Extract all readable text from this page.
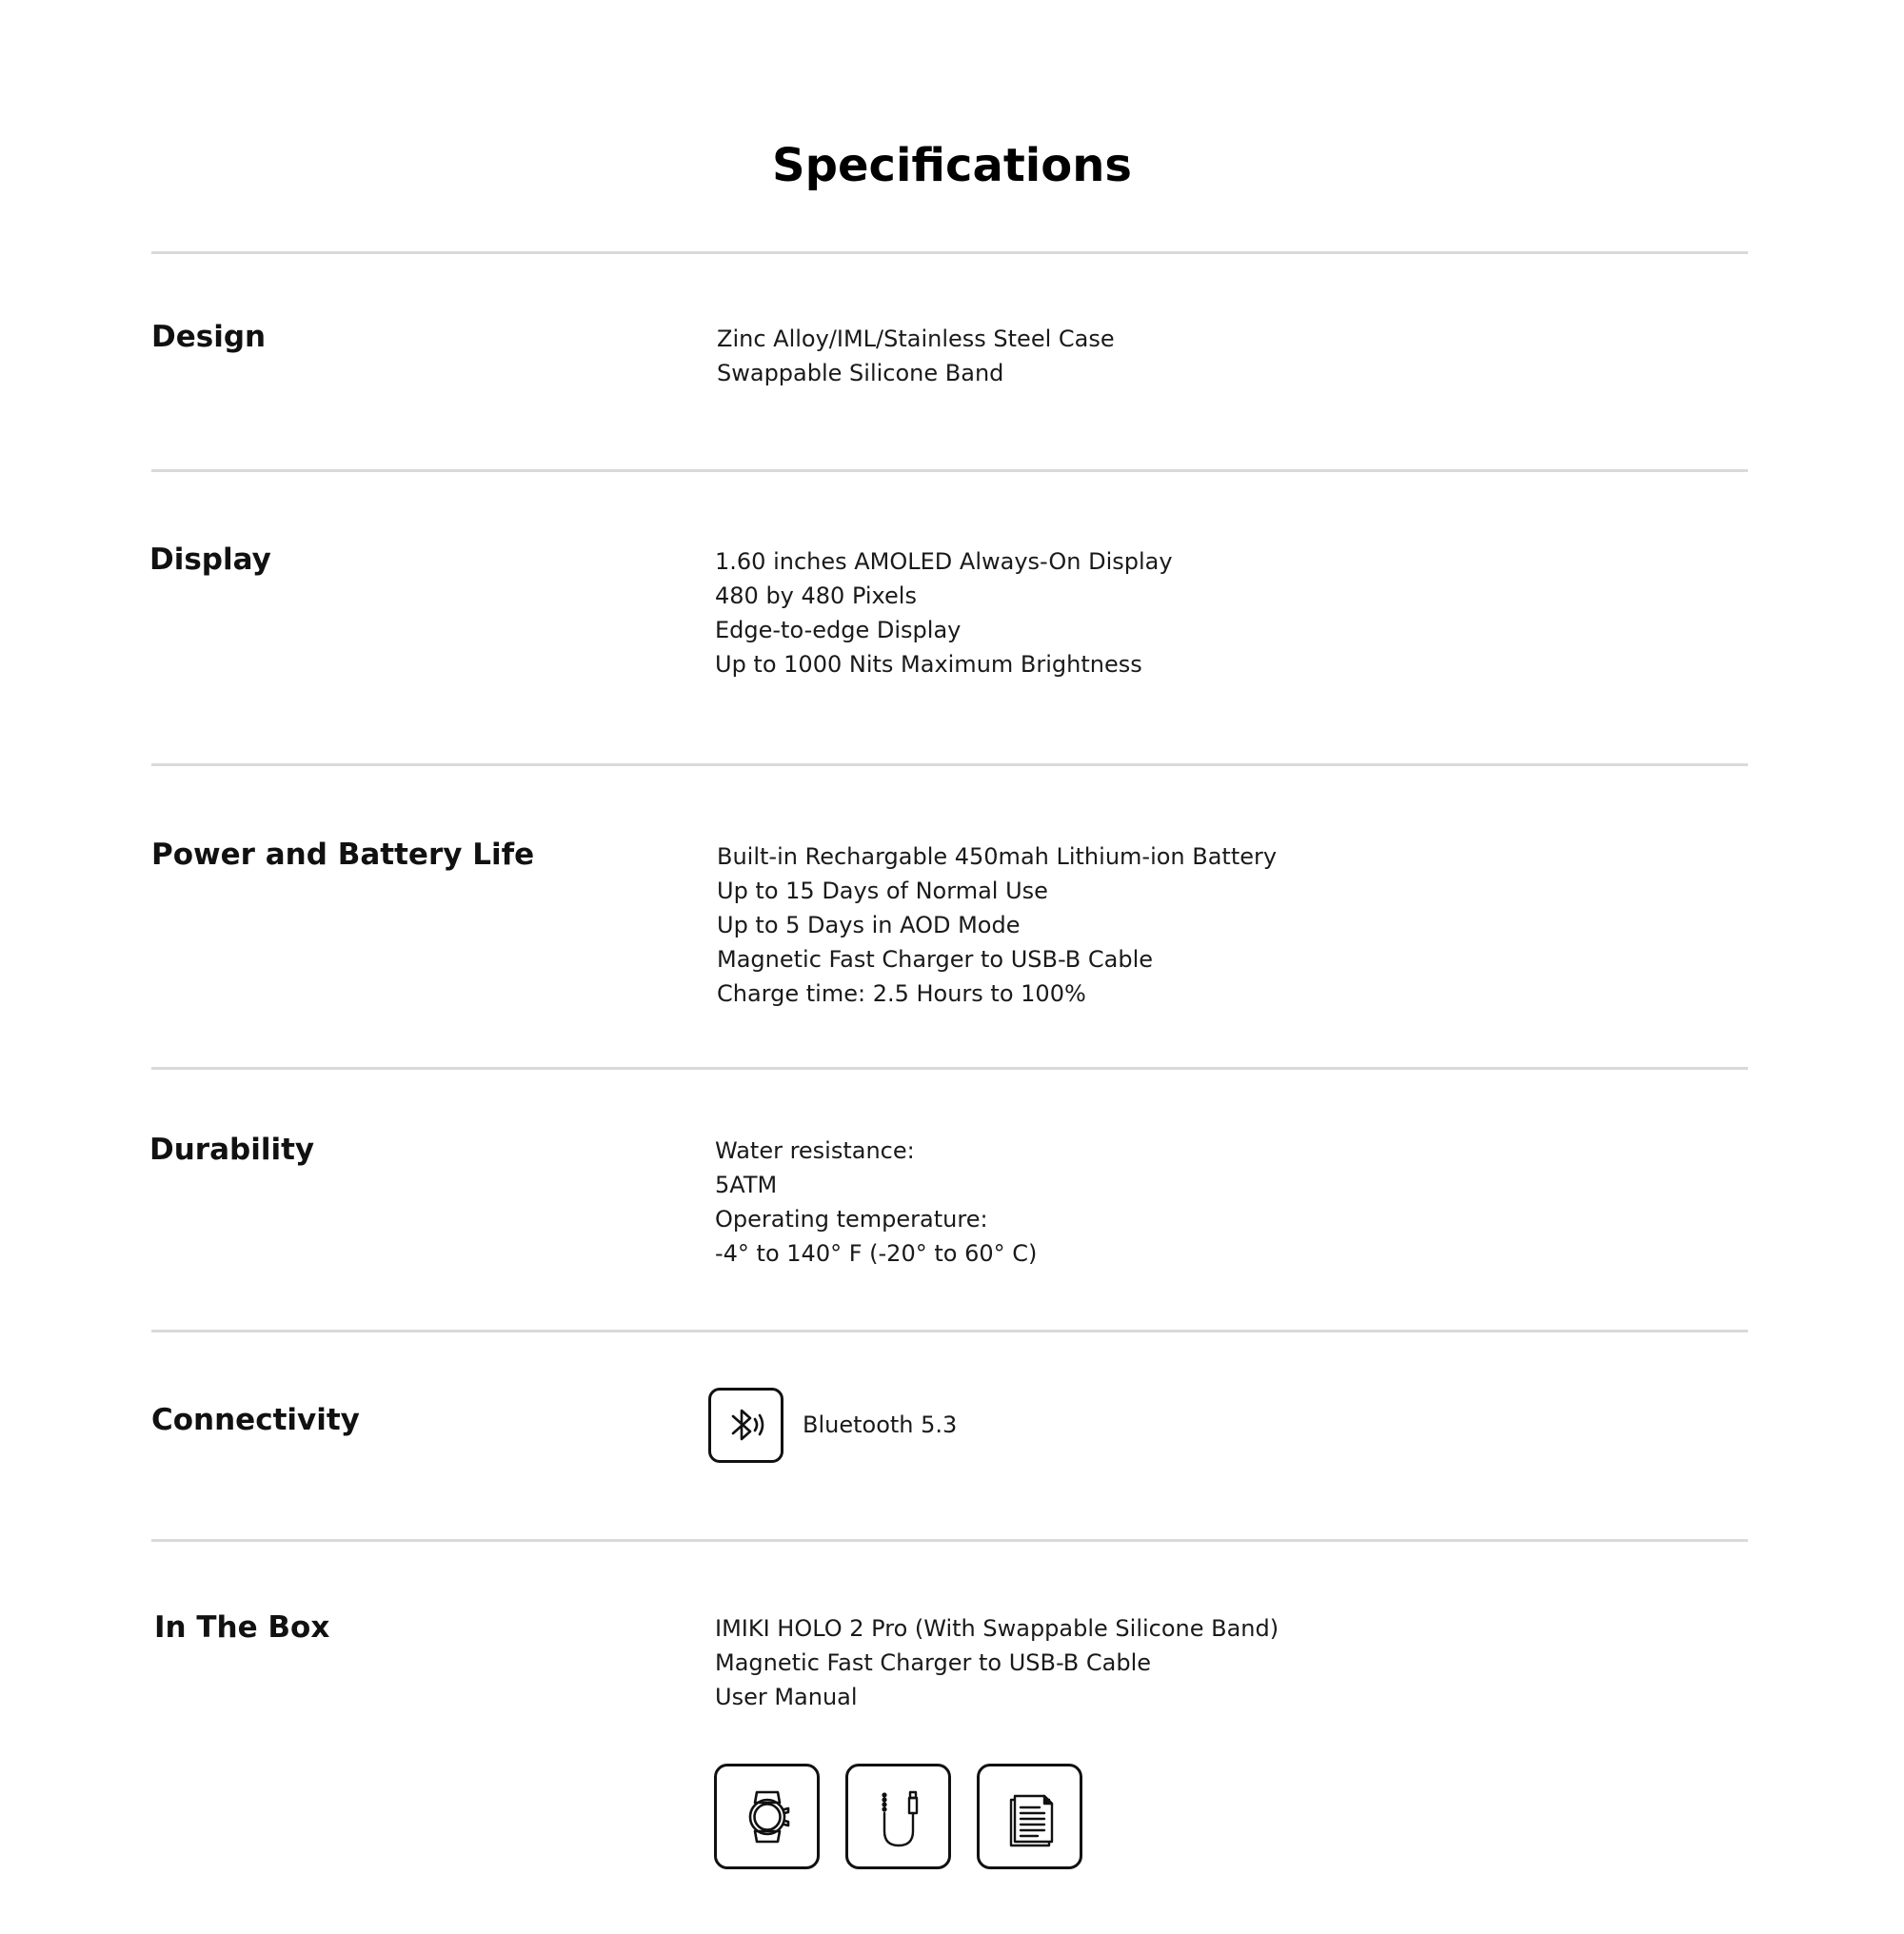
Specifications
Design	Zinc Alloy/IML/Stainless Steel Case
Swappable Silicone Band
Display	1.60 inches AMOLED Always-On Display
480 by 480 Pixels
Edge-to-edge Display
Up to 1000 Nits Maximum Brightness
Power and Battery Life	Built-in Rechargable 450mah Lithium-ion Battery
Up to 15 Days of Normal Use
Up to 5 Days in AOD Mode
Magnetic Fast Charger to USB-B Cable
Charge time: 2.5 Hours to 100%
Durability	Water resistance:
5ATM
Operating temperature:
-4° to 140° F (-20° to 60° C)
Connectivity	Bluetooth 5.3
In The Box	IMIKI HOLO 2 Pro (With Swappable Silicone Band)
Magnetic Fast Charger to USB-B Cable
User Manual
